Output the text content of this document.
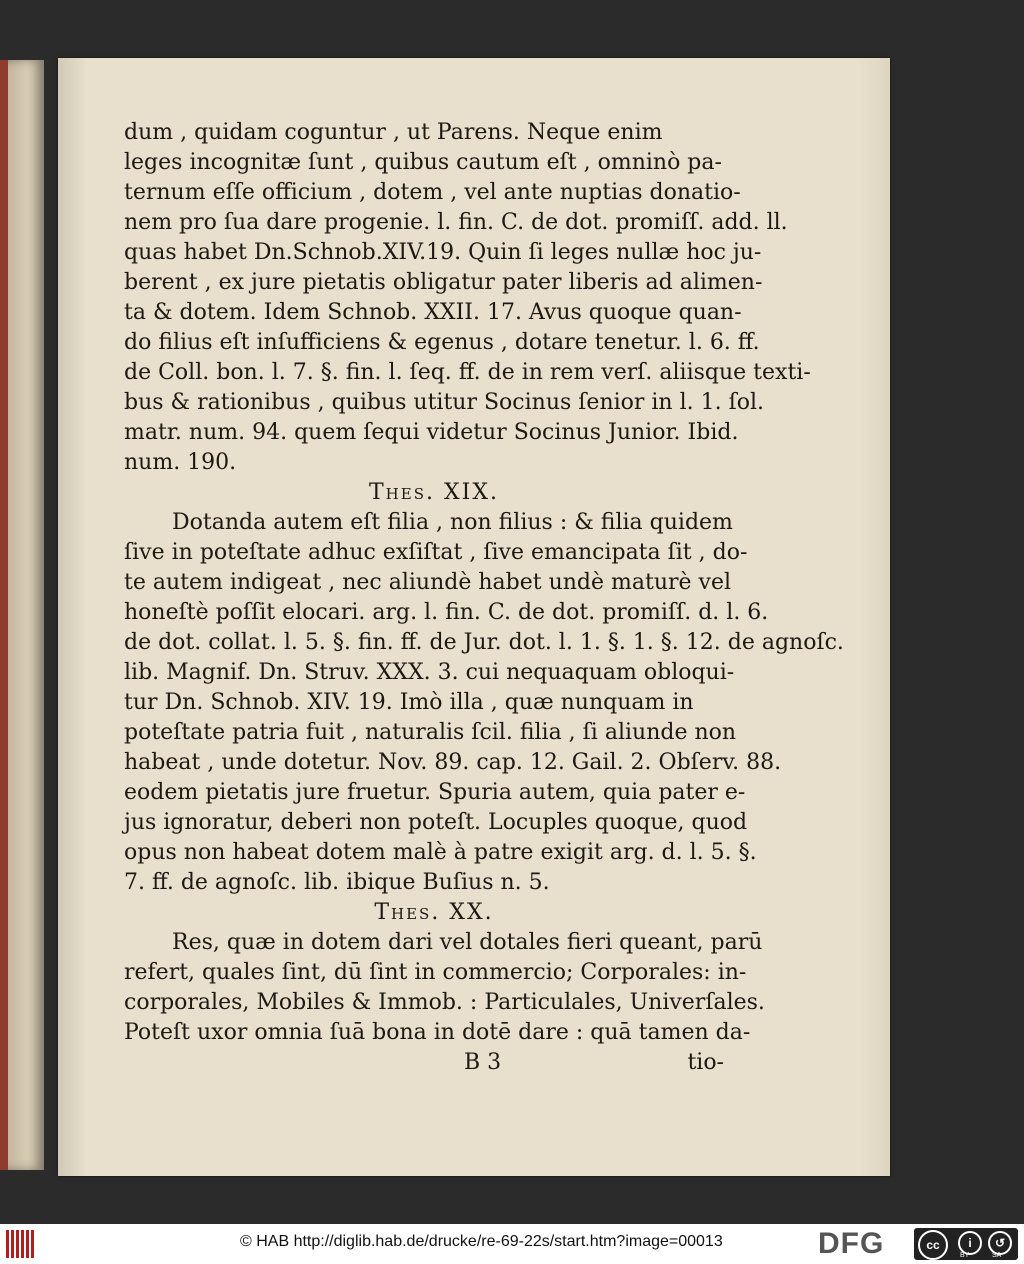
dum , quidam coguntur , ut Parens. Neque enim
leges incognitæ ſunt , quibus cautum eſt , omninò pa-
ternum eſſe officium , dotem , vel ante nuptias donatio-
nem pro ſua dare progenie. l. fin. C. de dot. promiſſ. add. ll.
quas habet Dn.Schnob.XIV.19. Quin ſi leges nullæ hoc ju-
berent , ex jure pietatis obligatur pater liberis ad alimen-
ta & dotem. Idem Schnob. XXII. 17. Avus quoque quan-
do filius eſt inſufficiens & egenus , dotare tenetur. l. 6. ff.
de Coll. bon. l. 7. §. fin. l. ſeq. ff. de in rem verſ. aliisque texti-
bus & rationibus , quibus utitur Socinus ſenior in l. 1. ſol.
matr. num. 94. quem ſequi videtur Socinus Junior. Ibid.
num. 190.
Thes. XIX.
Dotanda autem eſt filia , non filius : & filia quidem
ſive in poteſtate adhuc exſiſtat , ſive emancipata ſit , do-
te autem indigeat , nec aliundè habet undè maturè vel
honeſtè poſſit elocari. arg. l. fin. C. de dot. promiſſ. d. l. 6.
de dot. collat. l. 5. §. fin. ff. de Jur. dot. l. 1. §. 1. §. 12. de agnoſc.
lib. Magnif. Dn. Struv. XXX. 3. cui nequaquam obloqui-
tur Dn. Schnob. XIV. 19. Imò illa , quæ nunquam in
poteſtate patria fuit , naturalis ſcil. filia , ſi aliunde non
habeat , unde dotetur. Nov. 89. cap. 12. Gail. 2. Obſerv. 88.
eodem pietatis jure fruetur. Spuria autem, quia pater e-
jus ignoratur, deberi non poteſt. Locuples quoque, quod
opus non habeat dotem malè à patre exigit arg. d. l. 5. §.
7. ff. de agnoſc. lib. ibique Buſius n. 5.
Thes. XX.
Res, quæ in dotem dari vel dotales fieri queant, parū
refert, quales ſint, dū ſint in commercio; Corporales: in-
corporales, Mobiles & Immob. : Particulales, Univerſales.
Poteſt uxor omnia ſuā bona in dotē dare : quā tamen da-
B 3	tio-
© HAB http://diglib.hab.de/drucke/re-69-22s/start.htm?image=00013	DFG	cc	i	↺
BY	SA
